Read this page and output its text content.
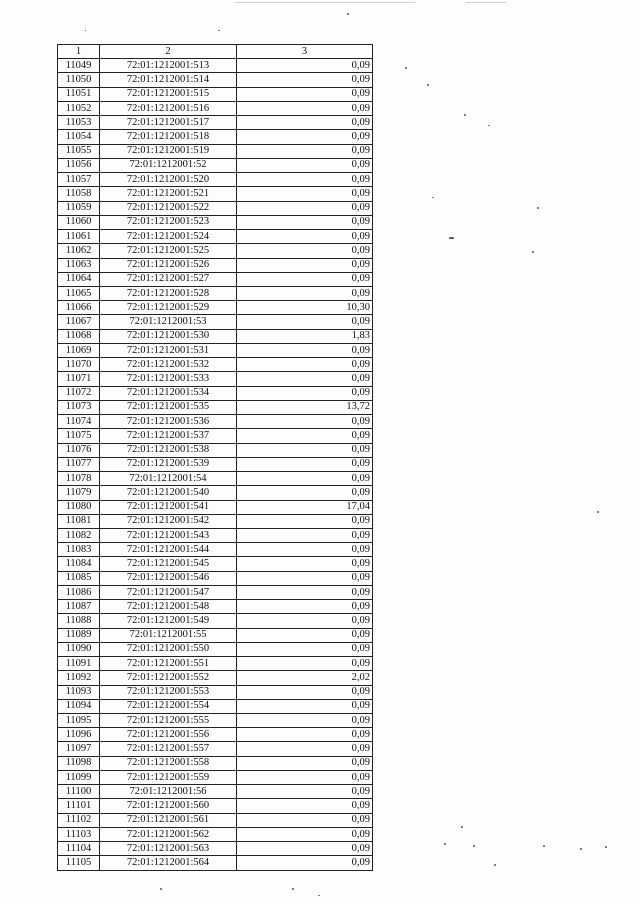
1	2	3
11049	72:01:1212001:513	0,09
11050	72:01:1212001:514	0,09
11051	72:01:1212001:515	0,09
11052	72:01:1212001:516	0,09
11053	72:01:1212001:517	0,09
11054	72:01:1212001:518	0,09
11055	72:01:1212001:519	0,09
11056	72:01:1212001:52	0,09
11057	72:01:1212001:520	0,09
11058	72:01:1212001:521	0,09
11059	72:01:1212001:522	0,09
11060	72:01:1212001:523	0,09
11061	72:01:1212001:524	0,09
11062	72:01:1212001:525	0,09
11063	72:01:1212001:526	0,09
11064	72:01:1212001:527	0,09
11065	72:01:1212001:528	0,09
11066	72:01:1212001:529	10,30
11067	72:01:1212001:53	0,09
11068	72:01:1212001:530	1,83
11069	72:01:1212001:531	0,09
11070	72:01:1212001:532	0,09
11071	72:01:1212001:533	0,09
11072	72:01:1212001:534	0,09
11073	72:01:1212001:535	13,72
11074	72:01:1212001:536	0,09
11075	72:01:1212001:537	0,09
11076	72:01:1212001:538	0,09
11077	72:01:1212001:539	0,09
11078	72:01:1212001:54	0,09
11079	72:01:1212001:540	0,09
11080	72:01:1212001:541	17,04
11081	72:01:1212001:542	0,09
11082	72:01:1212001:543	0,09
11083	72:01:1212001:544	0,09
11084	72:01:1212001:545	0,09
11085	72:01:1212001:546	0,09
11086	72:01:1212001:547	0,09
11087	72:01:1212001:548	0,09
11088	72:01:1212001:549	0,09
11089	72:01:1212001:55	0,09
11090	72:01:1212001:550	0,09
11091	72:01:1212001:551	0,09
11092	72:01:1212001:552	2,02
11093	72:01:1212001:553	0,09
11094	72:01:1212001:554	0,09
11095	72:01:1212001:555	0,09
11096	72:01:1212001:556	0,09
11097	72:01:1212001:557	0,09
11098	72:01:1212001:558	0,09
11099	72:01:1212001:559	0,09
11100	72:01:1212001:56	0,09
11101	72:01:1212001:560	0,09
11102	72:01:1212001:561	0,09
11103	72:01:1212001:562	0,09
11104	72:01:1212001:563	0,09
11105	72:01:1212001:564	0,09
